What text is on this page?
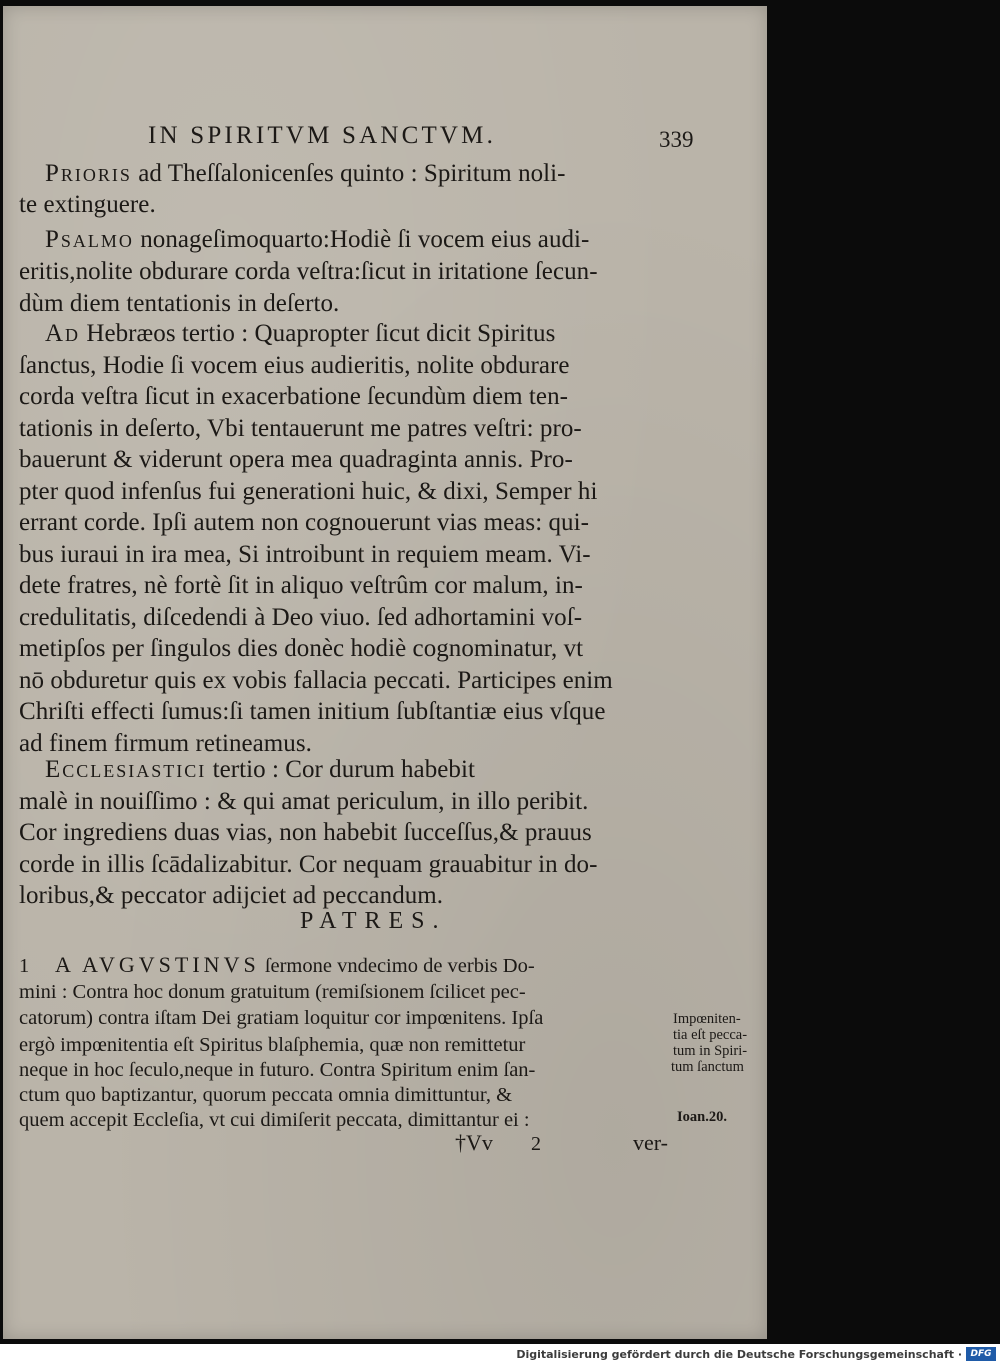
IN SPIRITVM SANCTVM.	339
Prioris ad Theſſalonicenſes quinto : Spiritum noli-
te extinguere.
Psalmo nonageſimoquarto:Hodiè ſi vocem eius audi-
eritis,nolite obdurare corda veſtra:ſicut in iritatione ſecun-
dùm diem tentationis in deſerto.
Ad Hebræos tertio : Quapropter ſicut dicit Spiritus
ſanctus, Hodie ſi vocem eius audieritis, nolite obdurare
corda veſtra ſicut in exacerbatione ſecundùm diem ten-
tationis in deſerto, Vbi tentauerunt me patres veſtri: pro-
bauerunt & viderunt opera mea quadraginta annis. Pro-
pter quod infenſus fui generationi huic, & dixi, Semper hi
errant corde. Ipſi autem non cognouerunt vias meas: qui-
bus iuraui in ira mea, Si introibunt in requiem meam. Vi-
dete fratres, nè fortè ſit in aliquo veſtrûm cor malum, in-
credulitatis, diſcedendi à Deo viuo. ſed adhortamini voſ-
metipſos per ſingulos dies donèc hodiè cognominatur, vt
nō obduretur quis ex vobis fallacia peccati. Participes enim
Chriſti effecti ſumus:ſi tamen initium ſubſtantiæ eius vſque
ad finem firmum retineamus.
Ecclesiastici tertio : Cor durum habebit
malè in nouiſſimo : & qui amat periculum, in illo peribit.
Cor ingrediens duas vias, non habebit ſucceſſus,& prauus
corde in illis ſcādalizabitur. Cor nequam grauabitur in do-
loribus,& peccator adijciet ad peccandum.
PATRES.
1 A AVGVSTINVS ſermone vndecimo de verbis Do-
mini : Contra hoc donum gratuitum (remiſsionem ſcilicet pec-
catorum) contra iſtam Dei gratiam loquitur cor impœnitens. Ipſa
ergò impœnitentia eſt Spiritus blaſphemia, quæ non remittetur
neque in hoc ſeculo,neque in futuro. Contra Spiritum enim ſan-
ctum quo baptizantur, quorum peccata omnia dimittuntur, &
quem accepit Eccleſia, vt cui dimiſerit peccata, dimittantur ei :
Impœniten-
tia eſt pecca-
tum in Spiri-
tum ſanctum
Ioan.20.
†Vv 2	ver-
Digitalisierung gefördert durch die Deutsche Forschungsgemeinschaft · DFG
